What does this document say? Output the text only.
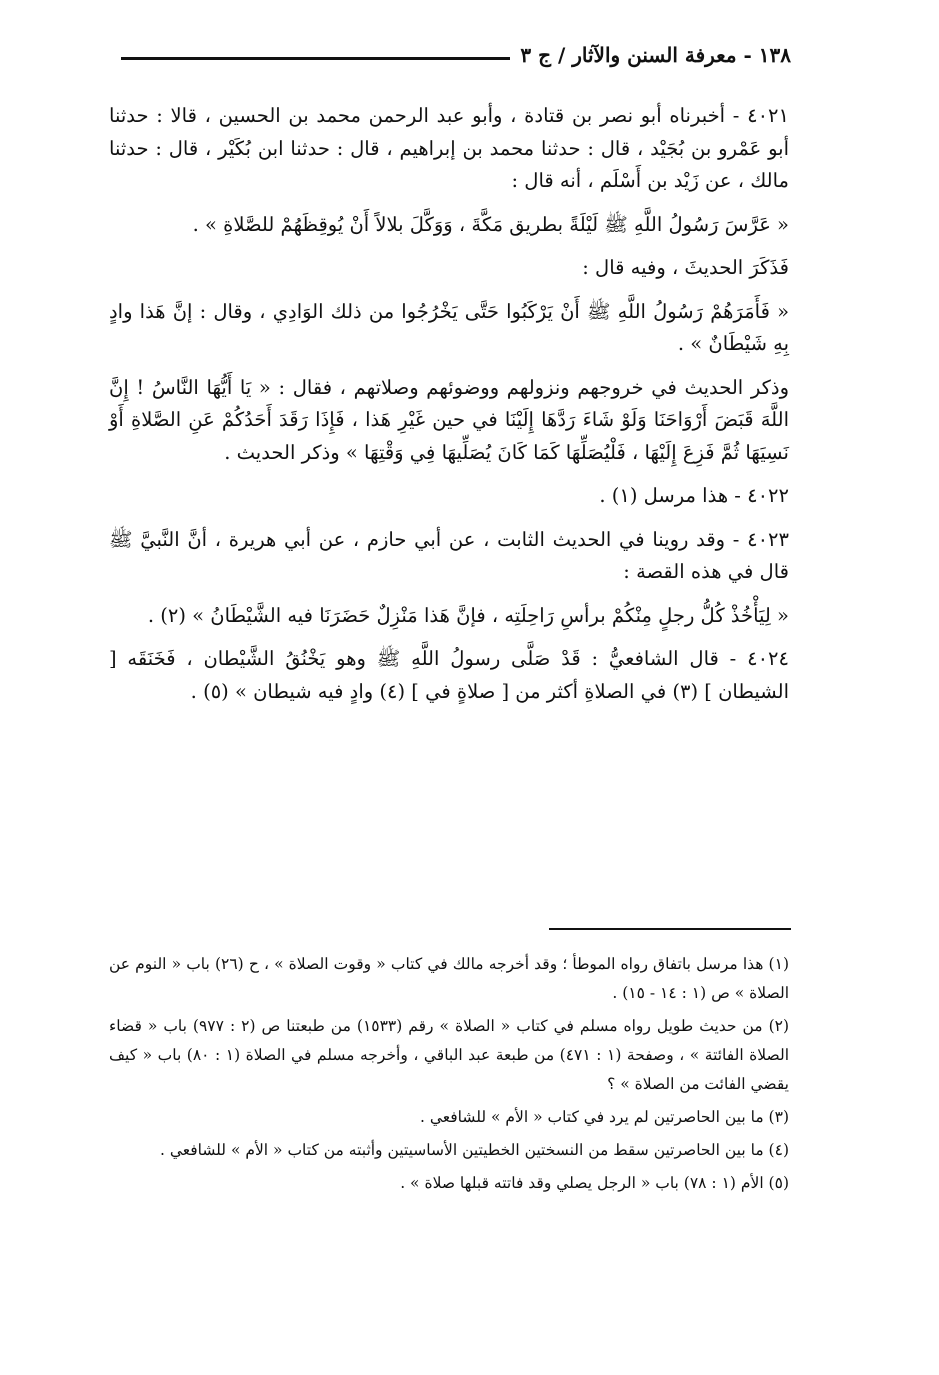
١٣٨ - معرفة السنن والآثار / ج ٣

٤٠٢١ - أخبرناه أبو نصر بن قتادة ، وأبو عبد الرحمن محمد بن الحسين ، قالا : حدثنا أبو عَمْرو بن بُجَيْد ، قال : حدثنا محمد بن إبراهيم ، قال : حدثنا ابن بُكَيْر ، قال : حدثنا مالك ، عن زَيْد بن أَسْلَم ، أنه قال :

« عَرَّسَ رَسُولُ اللَّهِ ﷺ لَيْلَةً بطريق مَكَّةَ ، وَوَكَّلَ بلالاً أَنْ يُوقِظَهُمْ للصَّلاةِ » .

فَذَكَرَ الحديثَ ، وفيه قال :

« فَأَمَرَهُمْ رَسُولُ اللَّهِ ﷺ أَنْ يَرْكَبُوا حَتَّى يَخْرُجُوا من ذلك الوَادِي ، وقال : إنَّ هَذا وادٍ بِهِ شَيْطَانٌ » .

وذكر الحديث في خروجهم ونزولهم ووضوئهم وصلاتهم ، فقال : « يَا أَيُّهَا النَّاسُ ! إِنَّ اللَّهَ قَبَضَ أَرْوَاحَنَا وَلَوْ شَاءَ رَدَّهَا إِلَيْنَا في حين غَيْرِ هَذا ، فَإِذَا رَقَدَ أَحَدُكُمْ عَنِ الصَّلاةِ أَوْ نَسِيَهَا ثُمَّ فَزِعَ إِلَيْهَا ، فَلْيُصَلِّهَا كَمَا كَانَ يُصَلِّيهَا فِي وَقْتِهَا » وذكر الحديث .

٤٠٢٢ - هذا مرسل (١) .

٤٠٢٣ - وقد روينا في الحديث الثابت ، عن أبي حازم ، عن أبي هريرة ، أنَّ النَّبيَّ ﷺ قال في هذه القصة :

« لِيَأْخُذْ كُلُّ رجلٍ مِنْكُمْ برأسِ رَاحِلَتِه ، فإنَّ هَذا مَنْزِلٌ حَضَرَنَا فيه الشَّيْطَانُ » (٢) .

٤٠٢٤ - قال الشافعيُّ : قَدْ صَلَّى رسولُ اللَّهِ ﷺ وهو يَخْنُقُ الشَّيْطان ، فَخَنَقَه [ الشيطان ] (٣) في الصلاةِ أكثر من [ صلاةٍ في ] (٤) وادٍ فيه شيطان » (٥) .

(١) هذا مرسل باتفاق رواه الموطأ ؛ وقد أخرجه مالك في كتاب « وقوت الصلاة » ، ح (٢٦) باب « النوم عن الصلاة » ص (١ : ١٤ - ١٥) .

(٢) من حديث طويل رواه مسلم في كتاب « الصلاة » رقم (١٥٣٣) من طبعتنا ص (٢ : ٩٧٧) باب « قضاء الصلاة الفائتة » ، وصفحة (١ : ٤٧١) من طبعة عبد الباقي ، وأخرجه مسلم في الصلاة (١ : ٨٠) باب « كيف يقضي الفائت من الصلاة » ؟

(٣) ما بين الحاصرتين لم يرد في كتاب « الأم » للشافعي .

(٤) ما بين الحاصرتين سقط من النسختين الخطيتين الأساسيتين وأثبته من كتاب « الأم » للشافعي .

(٥) الأم (١ : ٧٨) باب « الرجل يصلي وقد فاتته قبلها صلاة » .
